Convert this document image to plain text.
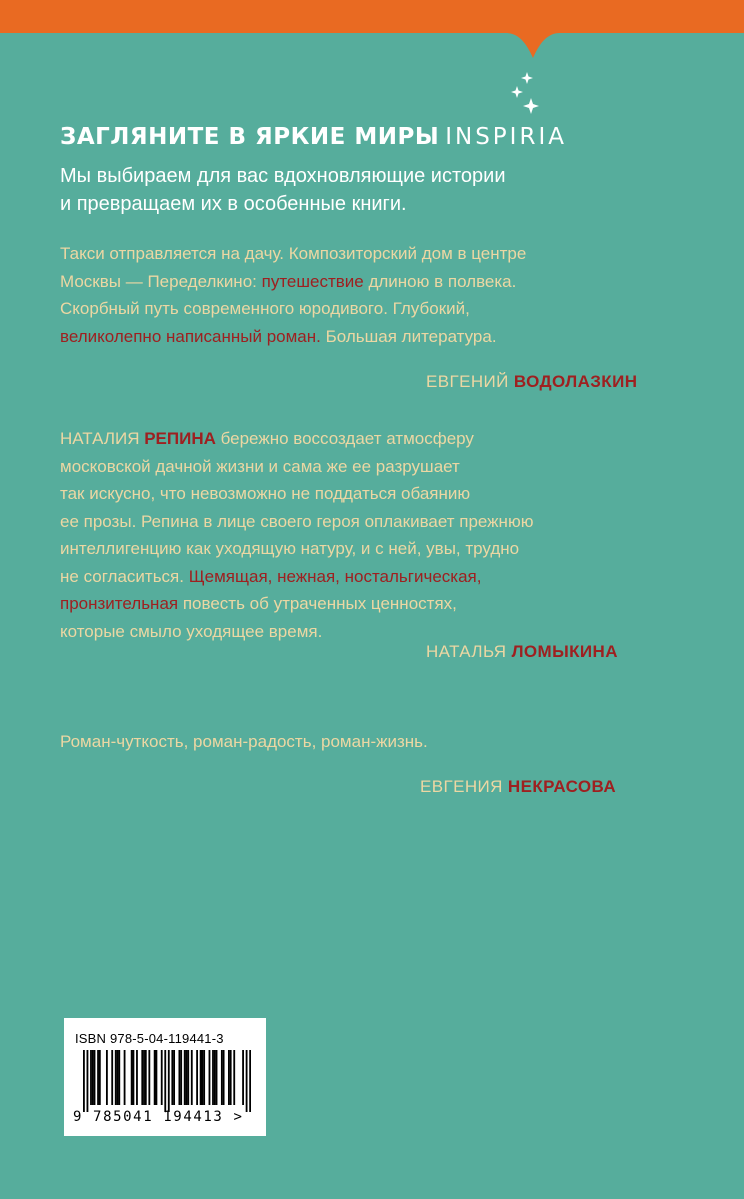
ЗАГЛЯНИТЕ В ЯРКИЕ МИРЫ INSPIRIA

Мы выбираем для вас вдохновляющие истории
и превращаем их в особенные книги.

Такси отправляется на дачу. Композиторский дом в центре
Москвы — Переделкино: путешествие длиною в полвека.
Скорбный путь современного юродивого. Глубокий,
великолепно написанный роман. Большая литература.

ЕВГЕНИЙ ВОДОЛАЗКИН

НАТАЛИЯ РЕПИНА бережно воссоздает атмосферу
московской дачной жизни и сама же ее разрушает
так искусно, что невозможно не поддаться обаянию
ее прозы. Репина в лице своего героя оплакивает прежнюю
интеллигенцию как уходящую натуру, и с ней, увы, трудно
не согласиться. Щемящая, нежная, ностальгическая,
пронзительная повесть об утраченных ценностях,
которые смыло уходящее время.

НАТАЛЬЯ ЛОМЫКИНА

Роман-чуткость, роман-радость, роман-жизнь.

ЕВГЕНИЯ НЕКРАСОВА

ISBN 978-5-04-119441-3
9 785041 194413 >
